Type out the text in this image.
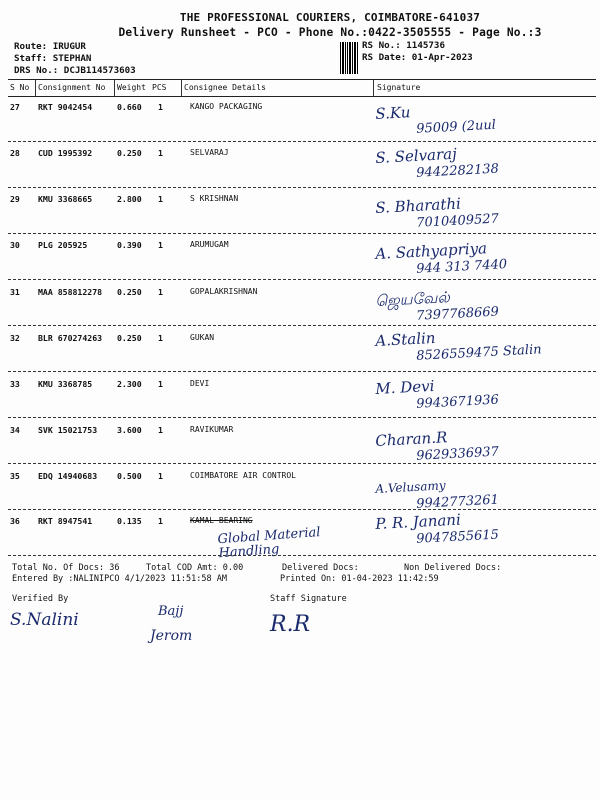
THE PROFESSIONAL COURIERS, COIMBATORE-641037
Delivery Runsheet - PCO - Phone No.:0422-3505555 - Page No.:3
Route: IRUGUR
Staff: STEPHAN
DRS No.: DCJB114573603
RS No.: 1145736
RS Date: 01-Apr-2023
S No Consignment No Weight PCS Consignee Details	Signature
27 RKT 9042454	0.660 1	KANGO PACKAGING	S.Ku
95009 (2uul
28 CUD 1995392	0.250 1	SELVARAJ	S. Selvaraj
9442282138
29 KMU 3368665	2.800 1	S KRISHNAN	S. Bharathi
7010409527
30 PLG 205925	0.390 1	ARUMUGAM	A. Sathyapriya
944 313 7440
31 MAA 858812278 0.250 1	GOPALAKRISHNAN	ஜெயவேல்
7397768669
32 BLR 670274263 0.250 1	GUKAN	A.Stalin
8526559475 Stalin
33 KMU 3368785	2.300 1	DEVI	M. Devi
9943671936
34 SVK 15021753 3.600 1	RAVIKUMAR	Charan.R
9629336937
35 EDQ 14940683 0.500 1	COIMBATORE AIR CONTROL
A.Velusamy
9942773261
36 RKT 8947541	0.135 1	KAMAL BEARING	P. R. Janani
9047855615
Global Material Handling
Total No. Of Docs: 36	Total COD Amt: 0.00	Delivered Docs:	Non Delivered Docs:
Entered By :NALINIPCO 4/1/2023 11:51:58 AM	Printed On: 01-04-2023 11:42:59
Verified By	Staff Signature
S.Nalini	Bajj
Jerom	R.R
